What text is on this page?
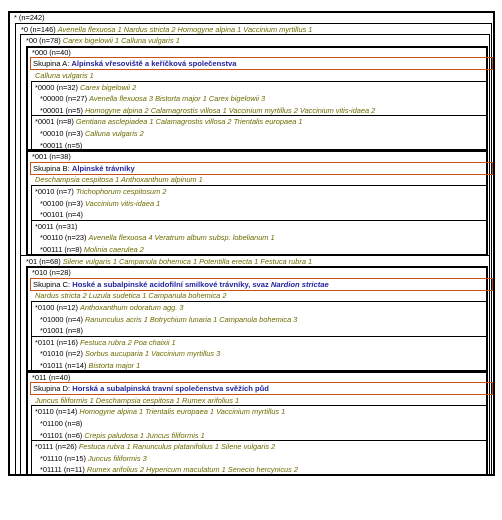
* (n=242)
*0 (n=146) Avenella flexuosa 1 Nardus stricta 2 Homogyne alpina 1 Vaccinium myrtillus 1
*00 (n=78) Carex bigelowii 1 Calluna vulgaris 1
*000 (n=40)
Calluna vulgaris 1
*0000 (n=32) Carex bigelowii 2
*00000 (n=27) Avenella flexuosa 3 Bistorta major 1 Carex bigelowii 3
*00001 (n=5) Homogyne alpina 2 Calamagrostis villosa 1 Vaccinium myrtillus 2 Vaccinium vitis-idaea 2
*0001 (n=8) Gentiana asclepiadea 1 Calamagrostis villosa 2 Trientalis europaea 1
*00010 (n=3) Calluna vulgaris 2
*00011 (n=5)
*001 (n=38)
Deschampsia cespitosa 1 Anthoxanthum alpinum 1
*0010 (n=7) Trichophorum cespitosum 2
*00100 (n=3) Vaccinium vitis-idaea 1
*00101 (n=4)
*0011 (n=31)
*00110 (n=23) Avenella flexuosa 4 Veratrum album subsp. lobelianum 1
*00111 (n=8) Molinia caerulea 2
*01 (n=68) Silene vulgaris 1 Campanula bohemica 1 Potentilla erecta 1 Festuca rubra 1
*010 (n=28)
Nardus stricta 2 Luzula sudetica 1 Campanula bohemica 2
*0100 (n=12) Anthoxanthum odoratum agg. 3
*01000 (n=4) Ranunculus acris 1 Botrychium lunaria 1 Campanula bohemica 3
*01001 (n=8)
*0101 (n=16) Festuca rubra 2 Poa chaixii 1
*01010 (n=2) Sorbus aucuparia 1 Vaccinium myrtillus 3
*01011 (n=14) Bistorta major 1
*011 (n=40)
Juncus filiformis 1 Deschampsia cespitosa 1 Rumex arifolius 1
*0110 (n=14) Homogyne alpina 1 Trientalis europaea 1 Vaccinium myrtillus 1
*01100 (n=8)
*01101 (n=6) Crepis paludosa 1 Juncus filiformis 1
*0111 (n=26) Festuca rubra 1 Ranunculus platanifolius 1 Silene vulgaris 2
*01110 (n=15) Juncus filiformis 3
*01111 (n=11) Rumex arifolius 2 Hypericum maculatum 1 Senecio hercynicus 2
Skupina A: Alpinská vřesoviště a keříčková společenstva
Skupina B: Alpinské trávníky
Skupina C: Hoské a subalpinské acidofilní smilkové trávníky, svaz Nardion strictae
Skupina D: Horská a subalpinská travní společenstva svěžích půd
